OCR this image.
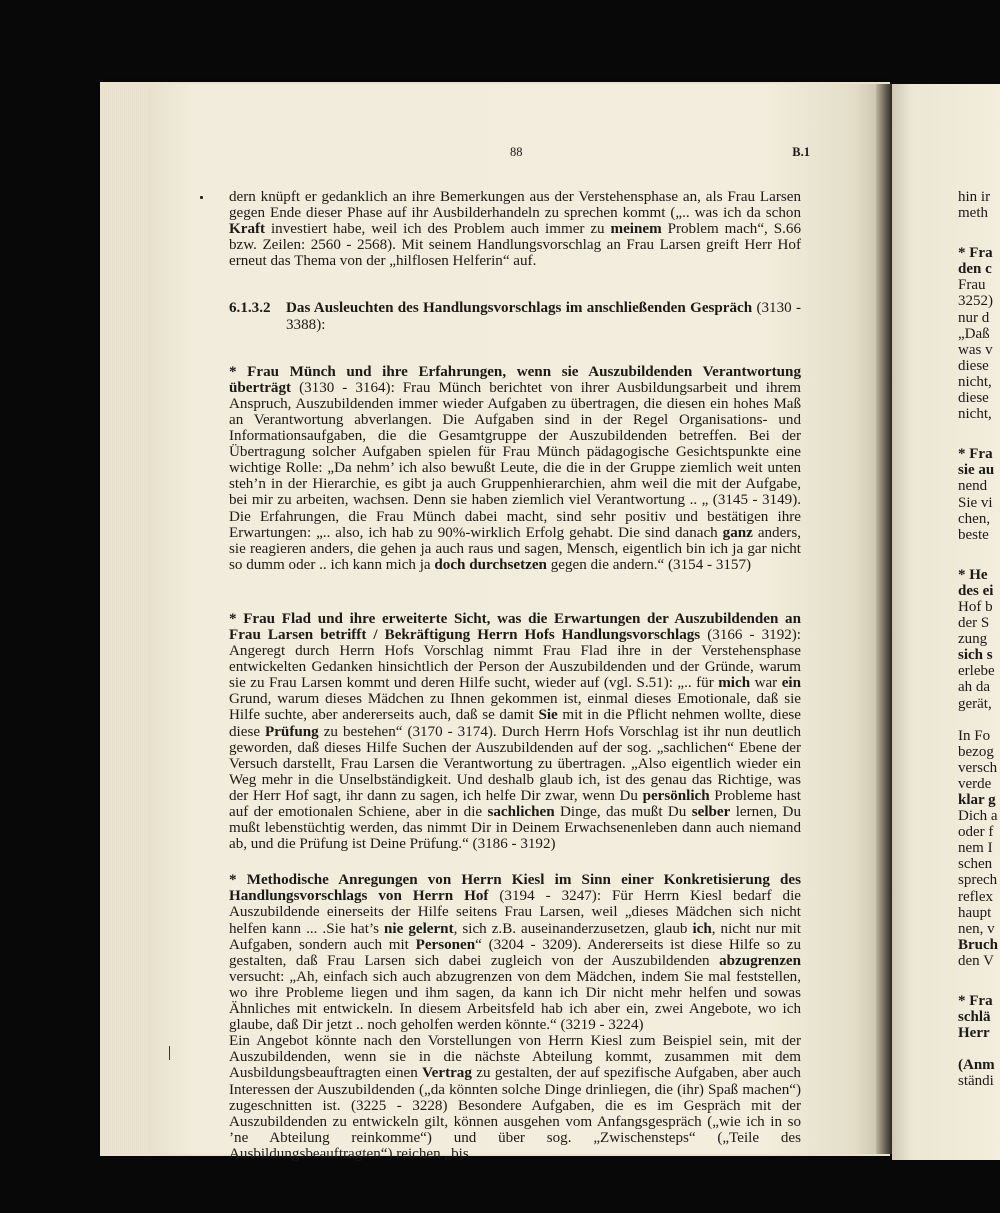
88	B.1

dern knüpft er gedanklich an ihre Bemerkungen aus der Verstehensphase an, als Frau Larsen gegen Ende dieser Phase auf ihr Ausbilderhandeln zu sprechen kommt („.. was ich da schon Kraft investiert habe, weil ich des Problem auch immer zu meinem Problem mach“, S.66 bzw. Zeilen: 2560 - 2568). Mit seinem Handlungsvorschlag an Frau Larsen greift Herr Hof erneut das Thema von der „hilflosen Helferin“ auf.

6.1.3.2	Das Ausleuchten des Handlungsvorschlags im anschließenden Gespräch (3130 - 3388):

* Frau Münch und ihre Erfahrungen, wenn sie Auszubildenden Verantwortung überträgt (3130 - 3164): Frau Münch berichtet von ihrer Ausbildungsarbeit und ihrem Anspruch, Auszubildenden immer wieder Aufgaben zu übertragen, die diesen ein hohes Maß an Verantwortung abverlangen. Die Aufgaben sind in der Regel Organisations- und Informationsaufgaben, die die Gesamtgruppe der Auszubildenden betreffen. Bei der Übertragung solcher Aufgaben spielen für Frau Münch pädagogische Gesichtspunkte eine wichtige Rolle: „Da nehm’ ich also bewußt Leute, die die in der Gruppe ziemlich weit unten steh’n in der Hierarchie, es gibt ja auch Gruppenhierarchien, ahm weil die mit der Aufgabe, bei mir zu arbeiten, wachsen. Denn sie haben ziemlich viel Verantwortung .. „ (3145 - 3149). Die Erfahrungen, die Frau Münch dabei macht, sind sehr positiv und bestätigen ihre Erwartungen: „.. also, ich hab zu 90%-wirklich Erfolg gehabt. Die sind danach ganz anders, sie reagieren anders, die gehen ja auch raus und sagen, Mensch, eigentlich bin ich ja gar nicht so dumm oder .. ich kann mich ja doch durchsetzen gegen die andern.“ (3154 - 3157)

* Frau Flad und ihre erweiterte Sicht, was die Erwartungen der Auszubildenden an Frau Larsen betrifft / Bekräftigung Herrn Hofs Handlungsvorschlags (3166 - 3192): Angeregt durch Herrn Hofs Vorschlag nimmt Frau Flad ihre in der Verstehensphase entwickelten Gedanken hinsichtlich der Person der Auszubildenden und der Gründe, warum sie zu Frau Larsen kommt und deren Hilfe sucht, wieder auf (vgl. S.51): „.. für mich war ein Grund, warum dieses Mädchen zu Ihnen gekommen ist, einmal dieses Emotionale, daß sie Hilfe suchte, aber andererseits auch, daß se damit Sie mit in die Pflicht nehmen wollte, diese diese Prüfung zu bestehen“ (3170 - 3174). Durch Herrn Hofs Vorschlag ist ihr nun deutlich geworden, daß dieses Hilfe Suchen der Auszubildenden auf der sog. „sachlichen“ Ebene der Versuch darstellt, Frau Larsen die Verantwortung zu übertragen. „Also eigentlich wieder ein Weg mehr in die Unselbständigkeit. Und deshalb glaub ich, ist des genau das Richtige, was der Herr Hof sagt, ihr dann zu sagen, ich helfe Dir zwar, wenn Du persönlich Probleme hast auf der emotionalen Schiene, aber in die sachlichen Dinge, das mußt Du selber lernen, Du mußt lebenstüchtig werden, das nimmt Dir in Deinem Erwachsenenleben dann auch niemand ab, und die Prüfung ist Deine Prüfung.“ (3186 - 3192)

* Methodische Anregungen von Herrn Kiesl im Sinn einer Konkretisierung des Handlungsvorschlags von Herrn Hof (3194 - 3247): Für Herrn Kiesl bedarf die Auszubildende einerseits der Hilfe seitens Frau Larsen, weil „dieses Mädchen sich nicht helfen kann ... .Sie hat’s nie gelernt, sich z.B. auseinanderzusetzen, glaub ich, nicht nur mit Aufgaben, sondern auch mit Personen“ (3204 - 3209). Andererseits ist diese Hilfe so zu gestalten, daß Frau Larsen sich dabei zugleich von der Auszubildenden abzugrenzen versucht: „Ah, einfach sich auch abzugrenzen von dem Mädchen, indem Sie mal feststellen, wo ihre Probleme liegen und ihm sagen, da kann ich Dir nicht mehr helfen und sowas Ähnliches mit entwickeln. In diesem Arbeitsfeld hab ich aber ein, zwei Angebote, wo ich glaube, daß Dir jetzt .. noch geholfen werden könnte.“ (3219 - 3224)

Ein Angebot könnte nach den Vorstellungen von Herrn Kiesl zum Beispiel sein, mit der Auszubildenden, wenn sie in die nächste Abteilung kommt, zusammen mit dem Ausbildungsbeauftragten einen Vertrag zu gestalten, der auf spezifische Aufgaben, aber auch Interessen der Auszubildenden („da könnten solche Dinge drinliegen, die (ihr) Spaß machen“) zugeschnitten ist. (3225 - 3228) Besondere Aufgaben, die es im Gespräch mit der Auszubildenden zu entwickeln gilt, können ausgehen vom Anfangsgespräch („wie ich in so ’ne Abteilung reinkomme“) und über sog. „Zwischensteps“ („Teile des Ausbildungsbeauftragten“) reichen „bis

hin ir
meth
* Fra
den c
Frau
3252)
nur d
„Daß
was v
diese
nicht,
diese
nicht,
* Fra
sie au
nend
Sie vi
chen,
beste
* He
des ei
Hof b
der S
zung
sich s
erlebe
ah da
gerät,
In Fo
bezog
versch
verde
klar g
Dich a
oder f
nem I
schen
sprech
reflex
haupt
nen, v
Bruch
den V
* Fra
schlä
Herr
(Anm
ständi
